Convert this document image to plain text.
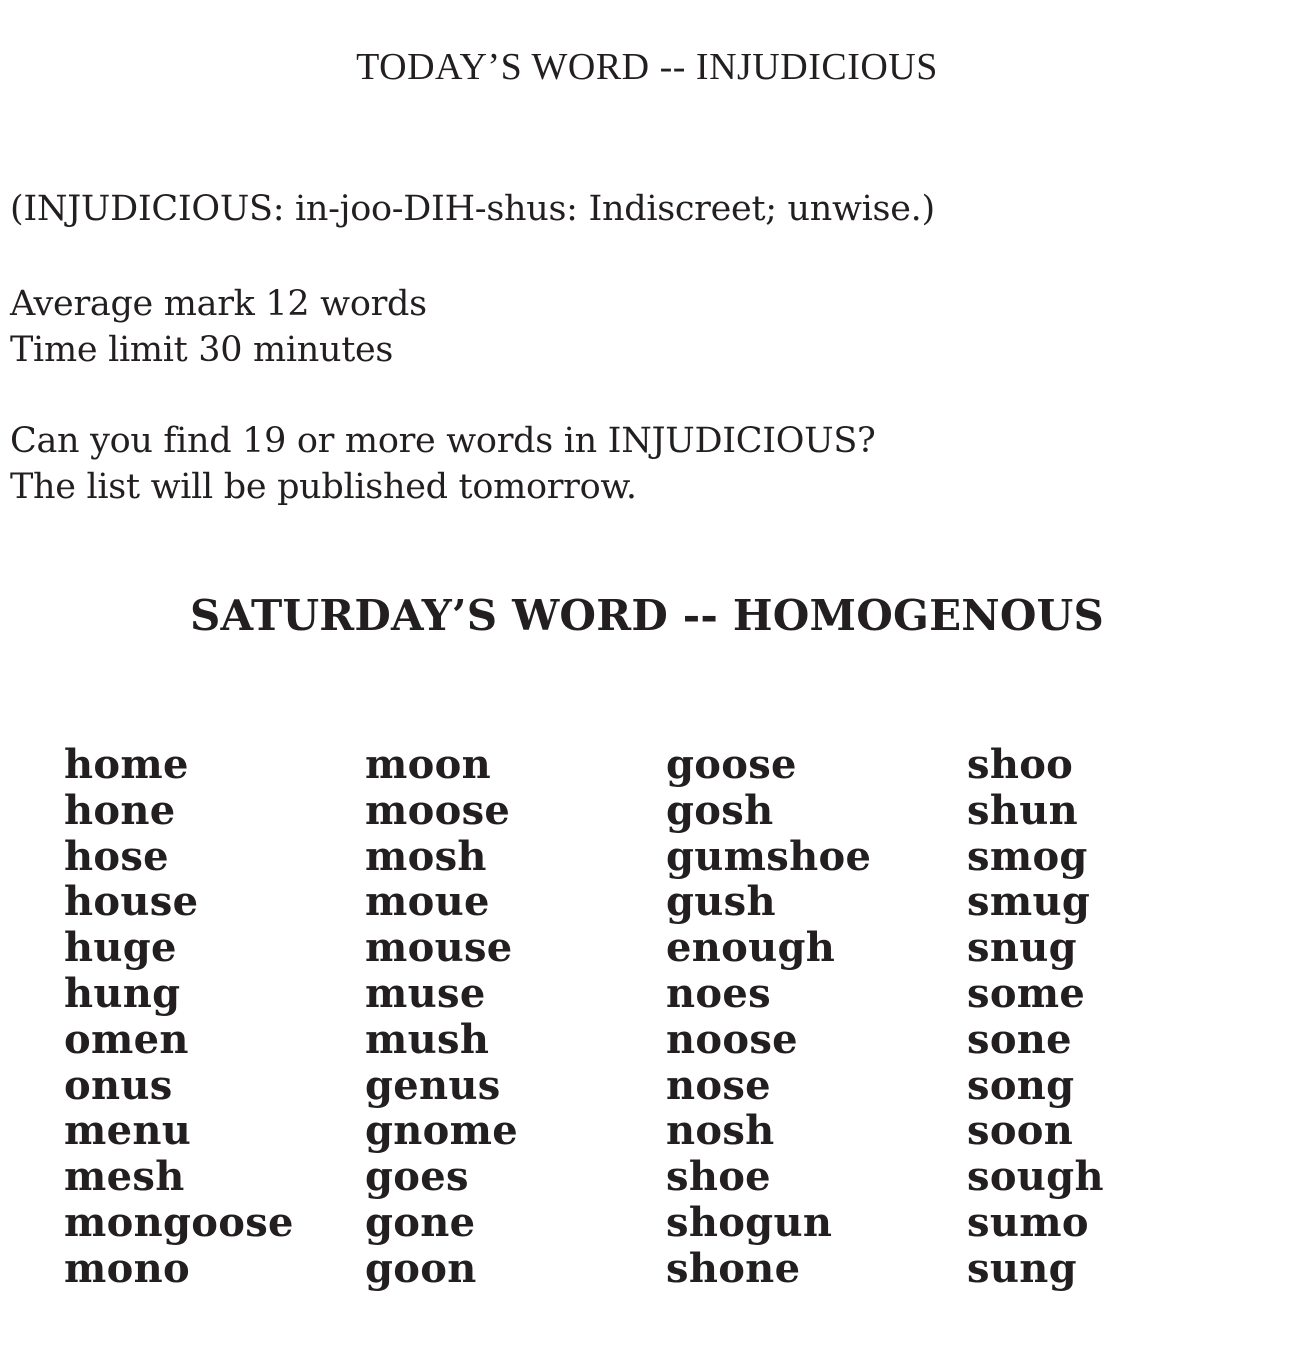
TODAY’S WORD -- INJUDICIOUS
(INJUDICIOUS: in-joo-DIH-shus: Indiscreet; unwise.)
Average mark 12 words
Time limit 30 minutes
Can you find 19 or more words in INJUDICIOUS?
The list will be published tomorrow.
SATURDAY’S WORD -- HOMOGENOUS
home
hone
hose
house
huge
hung
omen
onus
menu
mesh
mongoose
mono
moon
moose
mosh
moue
mouse
muse
mush
genus
gnome
goes
gone
goon
goose
gosh
gumshoe
gush
enough
noes
noose
nose
nosh
shoe
shogun
shone
shoo
shun
smog
smug
snug
some
sone
song
soon
sough
sumo
sung
